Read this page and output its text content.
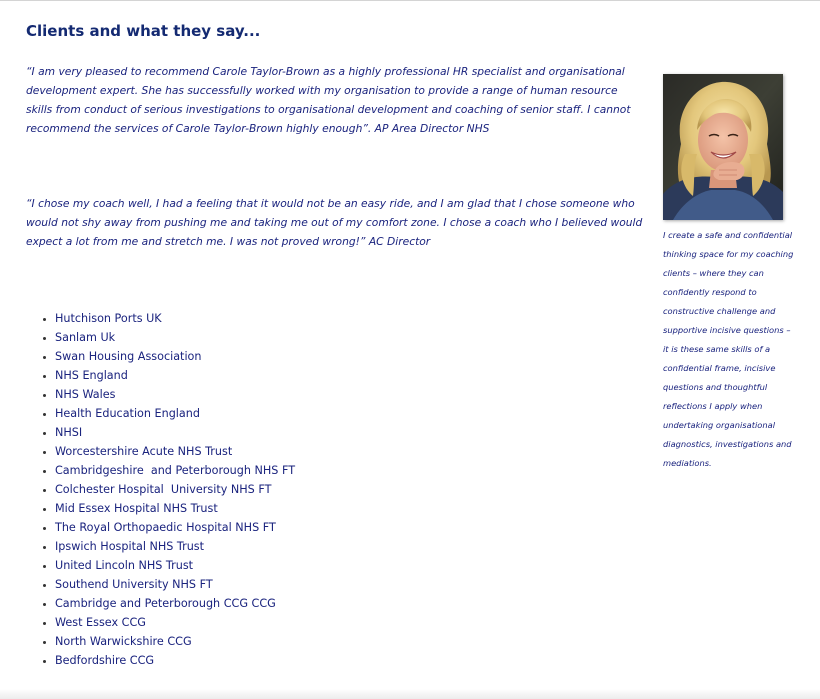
Clients and what they say...

“I am very pleased to recommend Carole Taylor-Brown as a highly professional HR specialist and organisational development expert. She has successfully worked with my organisation to provide a range of human resource skills from conduct of serious investigations to organisational development and coaching of senior staff. I cannot recommend the services of Carole Taylor-Brown highly enough”. AP Area Director NHS

“I chose my coach well, I had a feeling that it would not be an easy ride, and I am glad that I chose someone who would not shy away from pushing me and taking me out of my comfort zone. I chose a coach who I believed would expect a lot from me and stretch me. I was not proved wrong!” AC Director

• Hutchison Ports UK
• Sanlam Uk
• Swan Housing Association
• NHS England
• NHS Wales
• Health Education England
• NHSI
• Worcestershire Acute NHS Trust
• Cambridgeshire  and Peterborough NHS FT
• Colchester Hospital  University NHS FT
• Mid Essex Hospital NHS Trust
• The Royal Orthopaedic Hospital NHS FT
• Ipswich Hospital NHS Trust
• United Lincoln NHS Trust
• Southend University NHS FT
• Cambridge and Peterborough CCG CCG
• West Essex CCG
• North Warwickshire CCG
• Bedfordshire CCG

I create a safe and confidential thinking space for my coaching clients – where they can confidently respond to constructive challenge and supportive incisive questions – it is these same skills of a confidential frame, incisive questions and thoughtful reflections I apply when undertaking organisational diagnostics, investigations and mediations.
